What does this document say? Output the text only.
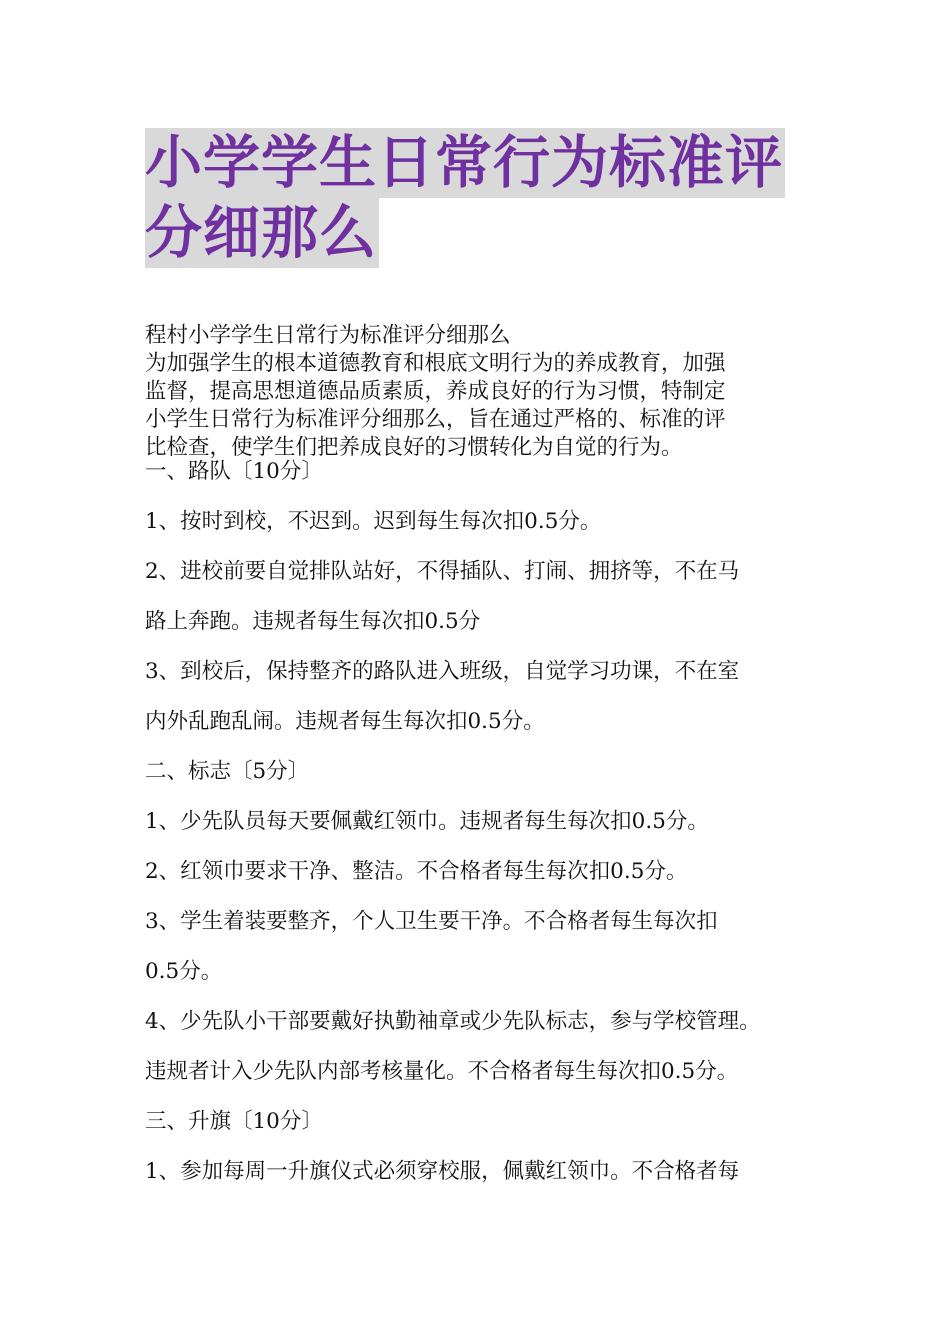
小学学生日常行为标准评
分细那么

程村小学学生日常行为标准评分细那么

为加强学生的根本道德教育和根底文明行为的养成教育，加强

监督，提高思想道德品质素质，养成良好的行为习惯，特制定

小学生日常行为标准评分细那么，旨在通过严格的、标准的评

比检查，使学生们把养成良好的习惯转化为自觉的行为。

一、路队〔10分〕

1、按时到校，不迟到。迟到每生每次扣0.5分。

2、进校前要自觉排队站好，不得插队、打闹、拥挤等，不在马

路上奔跑。违规者每生每次扣0.5分

3、到校后，保持整齐的路队进入班级，自觉学习功课，不在室

内外乱跑乱闹。违规者每生每次扣0.5分。

二、标志〔5分〕

1、少先队员每天要佩戴红领巾。违规者每生每次扣0.5分。

2、红领巾要求干净、整洁。不合格者每生每次扣0.5分。

3、学生着装要整齐，个人卫生要干净。不合格者每生每次扣

0.5分。

4、少先队小干部要戴好执勤袖章或少先队标志，参与学校管理。

违规者计入少先队内部考核量化。不合格者每生每次扣0.5分。

三、升旗〔10分〕

1、参加每周一升旗仪式必须穿校服，佩戴红领巾。不合格者每
